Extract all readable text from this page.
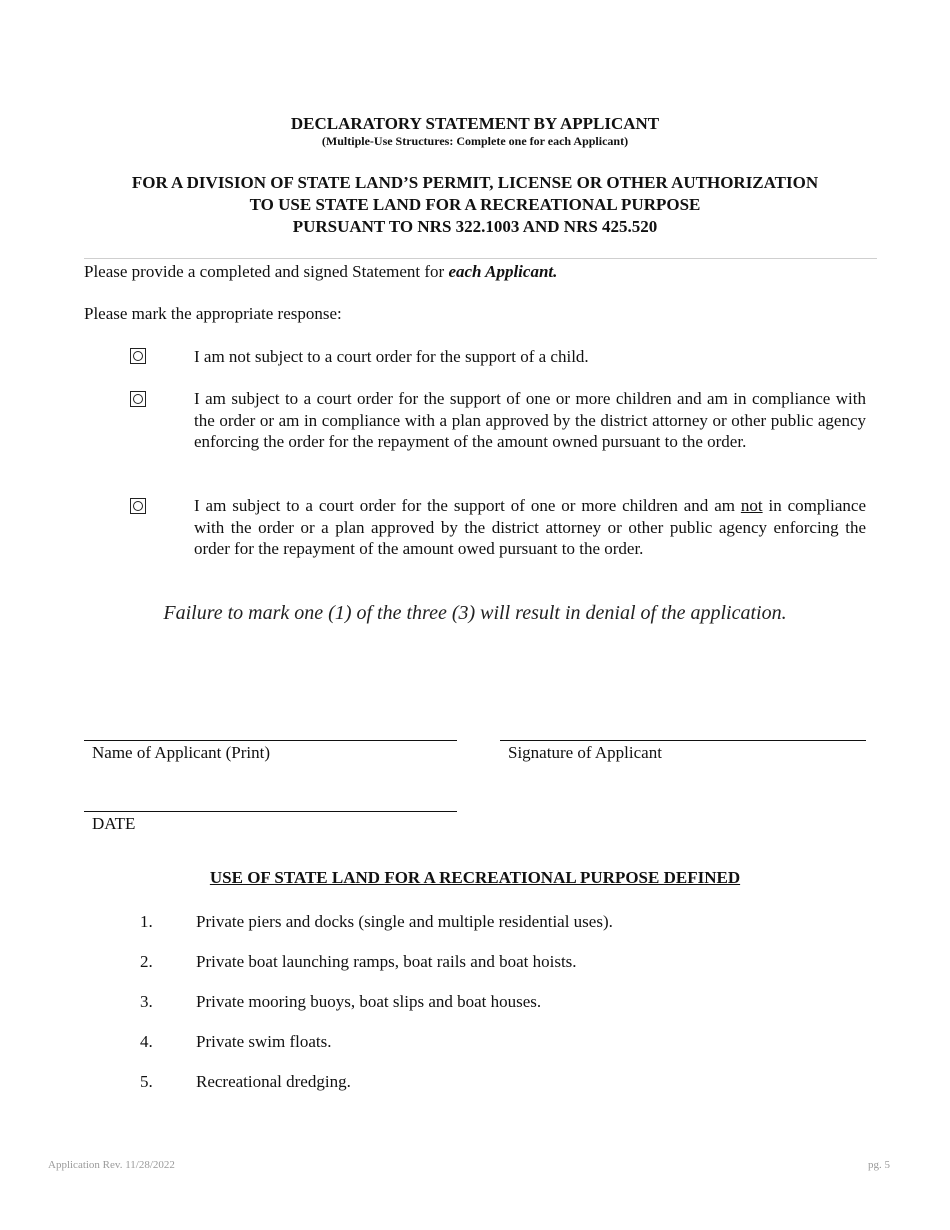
DECLARATORY STATEMENT BY APPLICANT
(Multiple-Use Structures: Complete one for each Applicant)
FOR A DIVISION OF STATE LAND’S PERMIT, LICENSE OR OTHER AUTHORIZATION
TO USE STATE LAND FOR A RECREATIONAL PURPOSE
PURSUANT TO NRS 322.1003 AND NRS 425.520
Please provide a completed and signed Statement for each Applicant.
Please mark the appropriate response:
I am not subject to a court order for the support of a child.
I am subject to a court order for the support of one or more children and am in compliance with the order or am in compliance with a plan approved by the district attorney or other public agency enforcing the order for the repayment of the amount owned pursuant to the order.
I am subject to a court order for the support of one or more children and am not in compliance with the order or a plan approved by the district attorney or other public agency enforcing the order for the repayment of the amount owed pursuant to the order.
Failure to mark one (1) of the three (3) will result in denial of the application.
Name of Applicant (Print)	Signature of Applicant
DATE
USE OF STATE LAND FOR A RECREATIONAL PURPOSE DEFINED
1.	Private piers and docks (single and multiple residential uses).
2.	Private boat launching ramps, boat rails and boat hoists.
3.	Private mooring buoys, boat slips and boat houses.
4.	Private swim floats.
5.	Recreational dredging.
Application Rev. 11/28/2022	pg. 5
